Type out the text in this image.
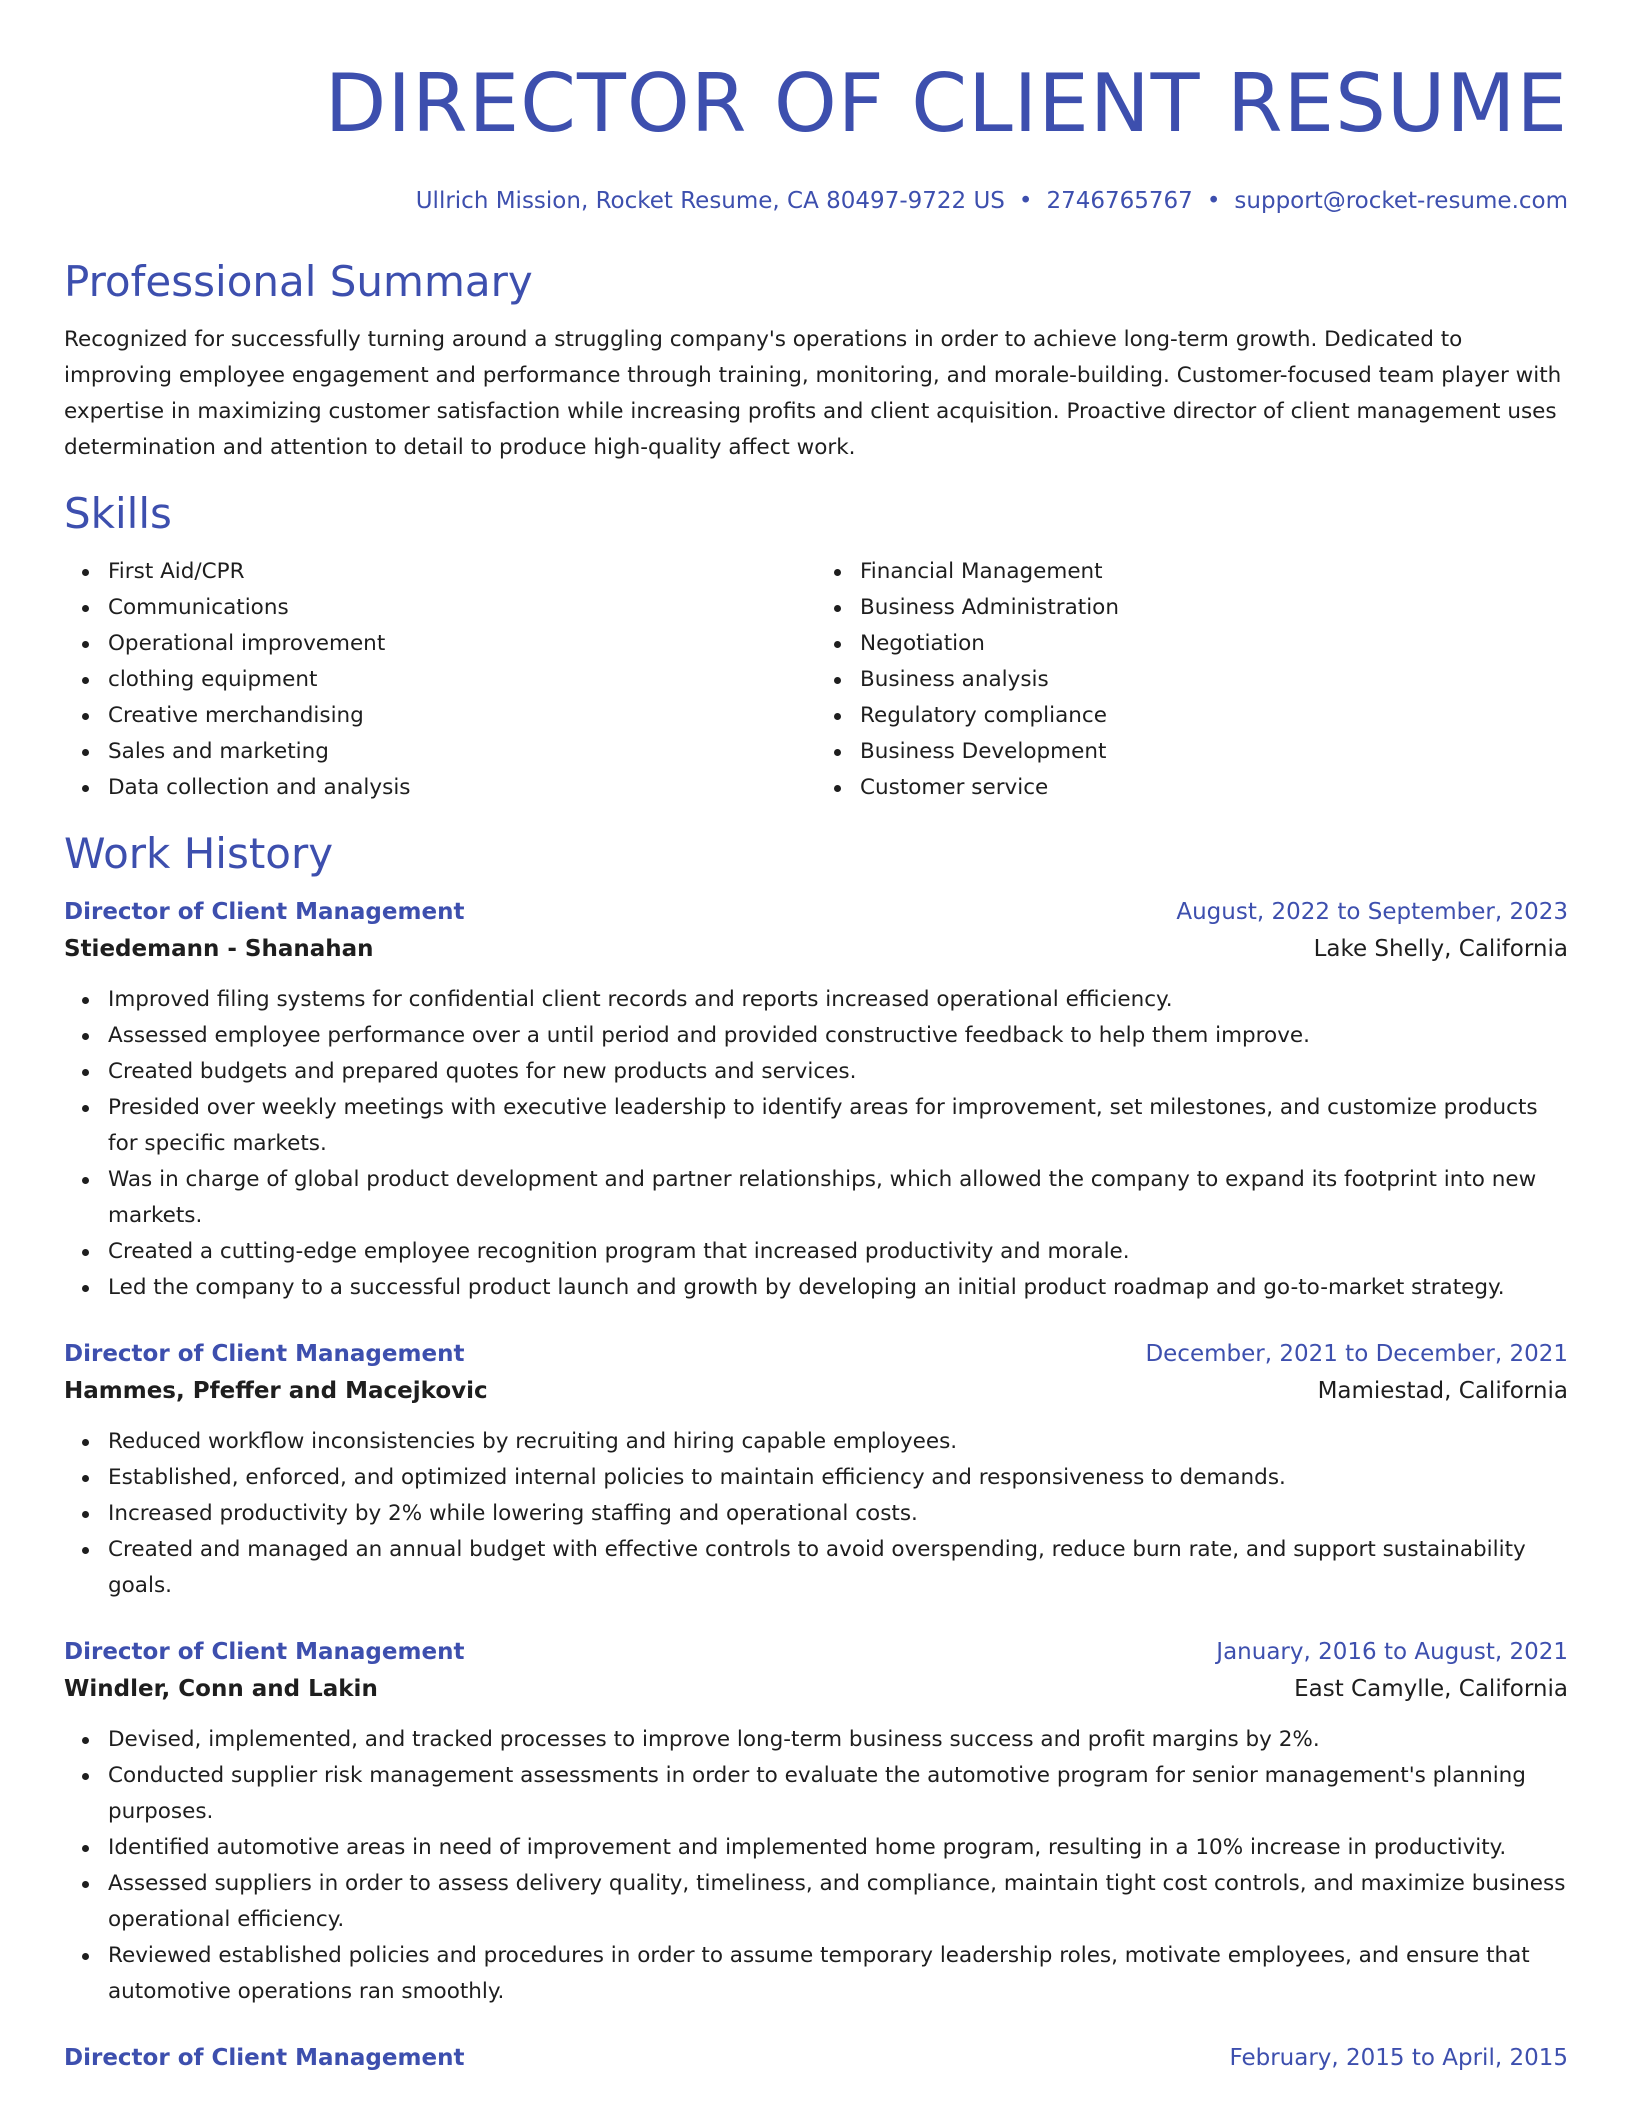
DIRECTOR OF CLIENT RESUME
Ullrich Mission, Rocket Resume, CA 80497-9722 US • 2746765767 • support@rocket-resume.com
Professional Summary
Recognized for successfully turning around a struggling company's operations in order to achieve long-term growth. Dedicated to improving employee engagement and performance through training, monitoring, and morale-building. Customer-focused team player with expertise in maximizing customer satisfaction while increasing profits and client acquisition. Proactive director of client management uses determination and attention to detail to produce high-quality affect work.
Skills
First Aid/CPR
Communications
Operational improvement
clothing equipment
Creative merchandising
Sales and marketing
Data collection and analysis
Financial Management
Business Administration
Negotiation
Business analysis
Regulatory compliance
Business Development
Customer service
Work History
Director of Client Management	August, 2022 to September, 2023
Stiedemann - Shanahan	Lake Shelly, California
Improved filing systems for confidential client records and reports increased operational efficiency.
Assessed employee performance over a until period and provided constructive feedback to help them improve.
Created budgets and prepared quotes for new products and services.
Presided over weekly meetings with executive leadership to identify areas for improvement, set milestones, and customize products for specific markets.
Was in charge of global product development and partner relationships, which allowed the company to expand its footprint into new markets.
Created a cutting-edge employee recognition program that increased productivity and morale.
Led the company to a successful product launch and growth by developing an initial product roadmap and go-to-market strategy.
Director of Client Management	December, 2021 to December, 2021
Hammes, Pfeffer and Macejkovic	Mamiestad, California
Reduced workflow inconsistencies by recruiting and hiring capable employees.
Established, enforced, and optimized internal policies to maintain efficiency and responsiveness to demands.
Increased productivity by 2% while lowering staffing and operational costs.
Created and managed an annual budget with effective controls to avoid overspending, reduce burn rate, and support sustainability goals.
Director of Client Management	January, 2016 to August, 2021
Windler, Conn and Lakin	East Camylle, California
Devised, implemented, and tracked processes to improve long-term business success and profit margins by 2%.
Conducted supplier risk management assessments in order to evaluate the automotive program for senior management's planning purposes.
Identified automotive areas in need of improvement and implemented home program, resulting in a 10% increase in productivity.
Assessed suppliers in order to assess delivery quality, timeliness, and compliance, maintain tight cost controls, and maximize business operational efficiency.
Reviewed established policies and procedures in order to assume temporary leadership roles, motivate employees, and ensure that automotive operations ran smoothly.
Director of Client Management	February, 2015 to April, 2015
